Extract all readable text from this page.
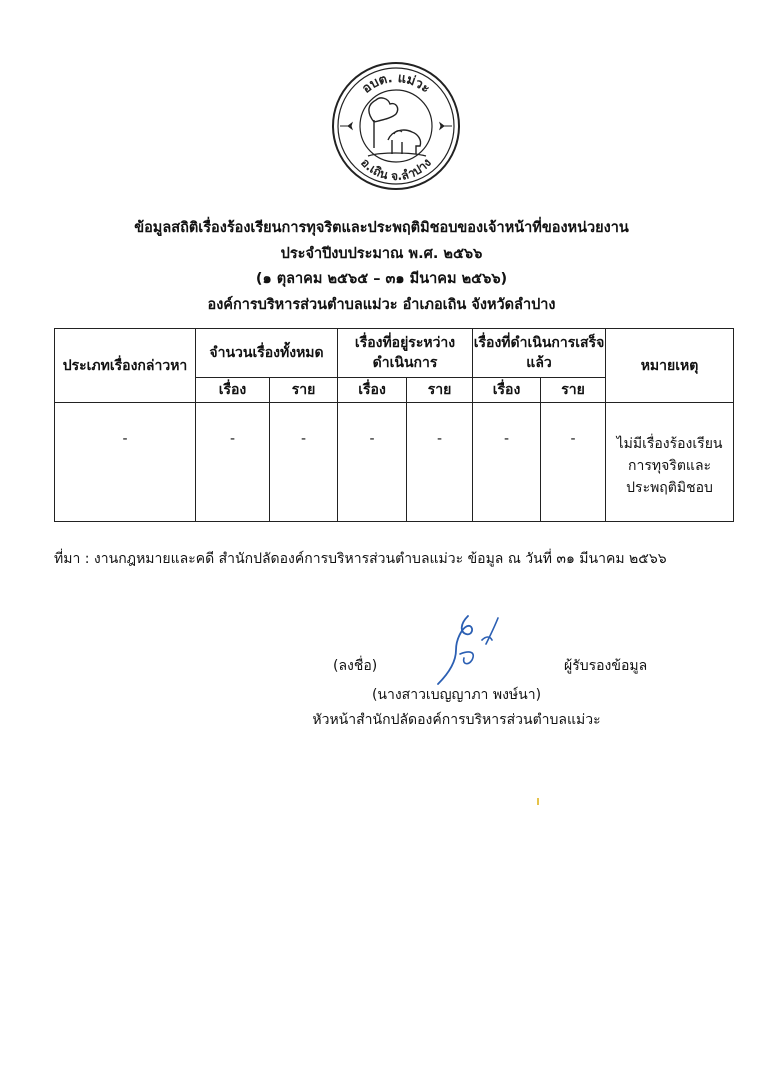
อบต. แม่วะ
อ.เถิน จ.ลำปาง
ข้อมูลสถิติเรื่องร้องเรียนการทุจริตและประพฤติมิชอบของเจ้าหน้าที่ของหน่วยงาน
ประจำปีงบประมาณ พ.ศ. ๒๕๖๖
(๑ ตุลาคม ๒๕๖๕ – ๓๑ มีนาคม ๒๕๖๖)
องค์การบริหารส่วนตำบลแม่วะ อำเภอเถิน จังหวัดลำปาง
ประเภทเรื่องกล่าวหา	จำนวนเรื่องทั้งหมด		เรื่องที่อยู่ระหว่างดำเนินการ		เรื่องที่ดำเนินการเสร็จแล้ว		หมายเหตุ
	เรื่อง	ราย	เรื่อง	ราย	เรื่อง	ราย	
-	-	-	-	-	-	-	ไม่มีเรื่องร้องเรียน
การทุจริตและ
ประพฤติมิชอบ
ที่มา : งานกฎหมายและคดี สำนักปลัดองค์การบริหารส่วนตำบลแม่วะ ข้อมูล ณ วันที่ ๓๑ มีนาคม ๒๕๖๖
(ลงชื่อ)	ผู้รับรองข้อมูล
(นางสาวเบญญาภา พงษ์นา)
หัวหน้าสำนักปลัดองค์การบริหารส่วนตำบลแม่วะ
